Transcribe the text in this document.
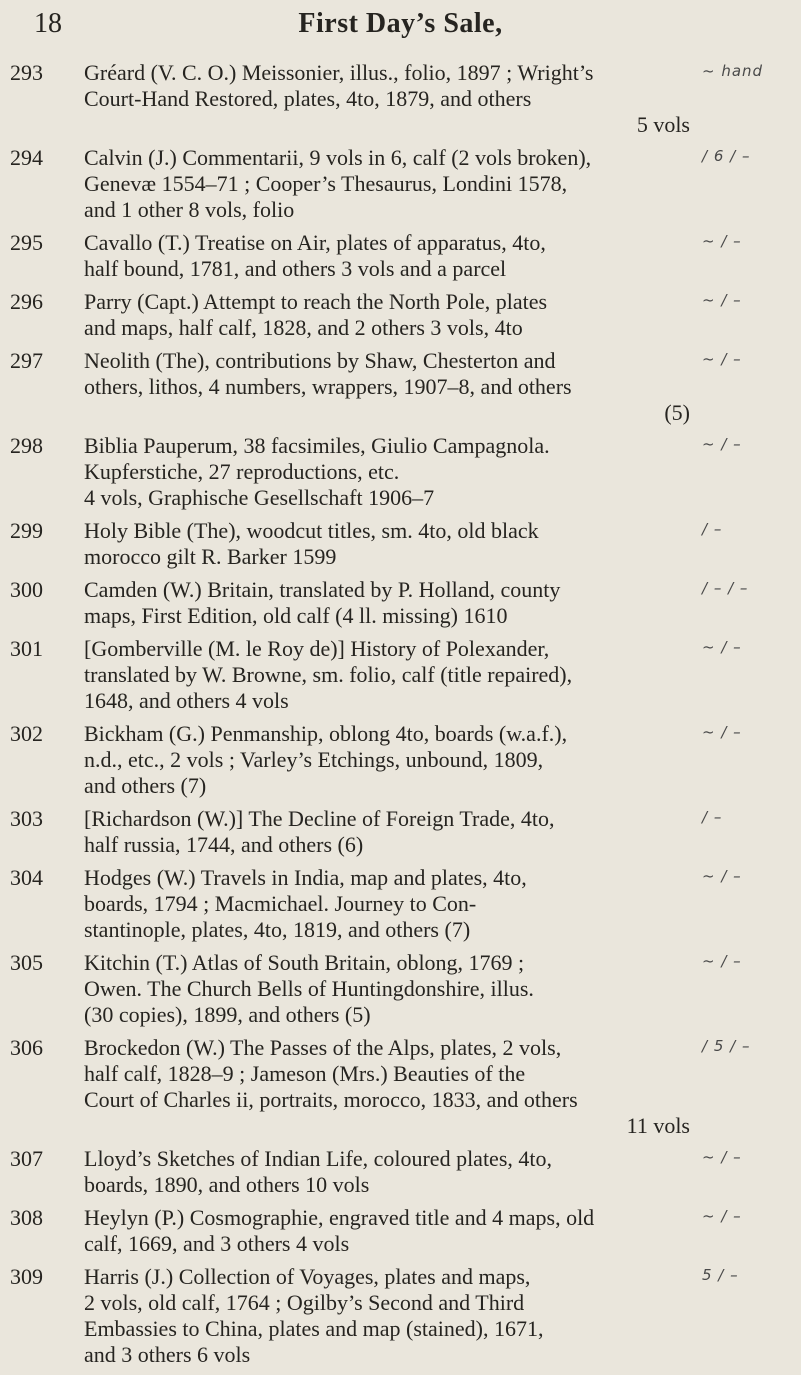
18	First Day’s Sale,
293 Gréard (V. C. O.) Meissonier, illus., folio, 1897 ; Wright’s
Court-Hand Restored, plates, 4to, 1879, and others
5 vols
~ hand
294 Calvin (J.) Commentarii, 9 vols in 6, calf (2 vols broken),
Genevæ 1554–71 ; Cooper’s Thesaurus, Londini 1578,
and 1 other 8 vols, folio
/ 6 / –
295 Cavallo (T.) Treatise on Air, plates of apparatus, 4to,
half bound, 1781, and others 3 vols and a parcel
~ / –
296 Parry (Capt.) Attempt to reach the North Pole, plates
and maps, half calf, 1828, and 2 others 3 vols, 4to
~ / –
297 Neolith (The), contributions by Shaw, Chesterton and
others, lithos, 4 numbers, wrappers, 1907–8, and others
(5)
~ / –
298 Biblia Pauperum, 38 facsimiles, Giulio Campagnola.
Kupferstiche, 27 reproductions, etc.
4 vols, Graphische Gesellschaft 1906–7
~ / –
299 Holy Bible (The), woodcut titles, sm. 4to, old black
morocco gilt R. Barker 1599
/ –
300 Camden (W.) Britain, translated by P. Holland, county
maps, First Edition, old calf (4 ll. missing) 1610
/ – / –
301 [Gomberville (M. le Roy de)] History of Polexander,
translated by W. Browne, sm. folio, calf (title repaired),
1648, and others 4 vols
~ / –
302 Bickham (G.) Penmanship, oblong 4to, boards (w.a.f.),
n.d., etc., 2 vols ; Varley’s Etchings, unbound, 1809,
and others (7)
~ / –
303 [Richardson (W.)] The Decline of Foreign Trade, 4to,
half russia, 1744, and others (6)
/ –
304 Hodges (W.) Travels in India, map and plates, 4to,
boards, 1794 ; Macmichael. Journey to Con-
stantinople, plates, 4to, 1819, and others (7)
~ / –
305 Kitchin (T.) Atlas of South Britain, oblong, 1769 ;
Owen. The Church Bells of Huntingdonshire, illus.
(30 copies), 1899, and others (5)
~ / –
306 Brockedon (W.) The Passes of the Alps, plates, 2 vols,
half calf, 1828–9 ; Jameson (Mrs.) Beauties of the
Court of Charles ii, portraits, morocco, 1833, and others
11 vols
/ 5 / –
307 Lloyd’s Sketches of Indian Life, coloured plates, 4to,
boards, 1890, and others 10 vols
~ / –
308 Heylyn (P.) Cosmographie, engraved title and 4 maps, old
calf, 1669, and 3 others 4 vols
~ / –
309 Harris (J.) Collection of Voyages, plates and maps,
2 vols, old calf, 1764 ; Ogilby’s Second and Third
Embassies to China, plates and map (stained), 1671,
and 3 others 6 vols
5 / –
